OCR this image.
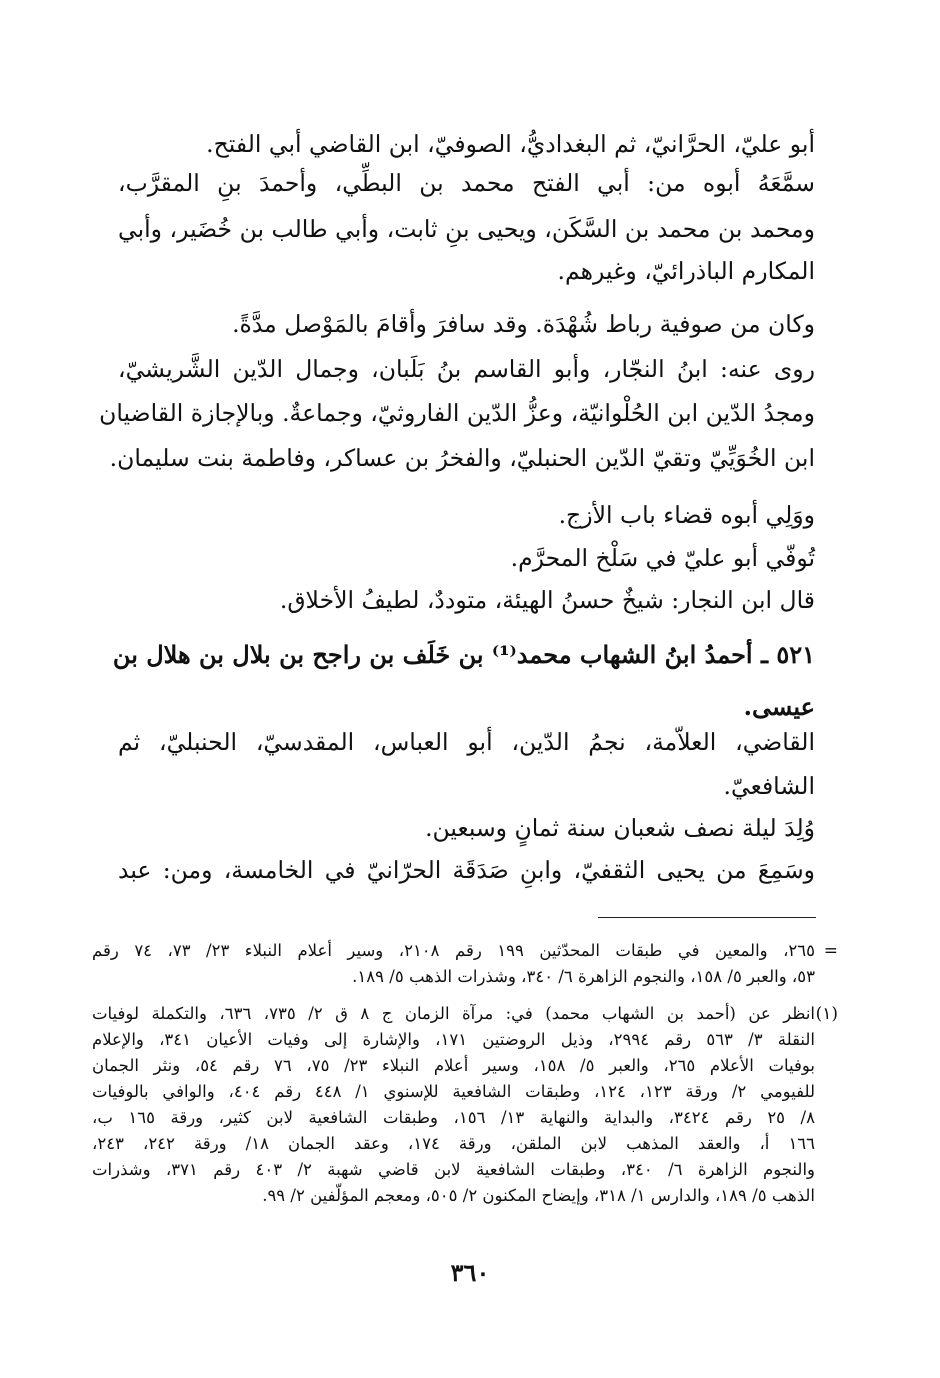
أبو عليّ، الحرَّانيّ، ثم البغداديُّ، الصوفيّ، ابن القاضي أبي الفتح.
سمَّعَهُ أبوه من: أبي الفتح محمد بن البطِّي، وأحمدَ بنِ المقرَّب،
ومحمد بن محمد بن السَّكَن، ويحيى بنِ ثابت، وأبي طالب بن خُضَير، وأبي
المكارم الباذرائيّ، وغيرهم.
وكان من صوفية رباط شُهْدَة. وقد سافرَ وأقامَ بالمَوْصل مدَّةً.
روى عنه: ابنُ النجّار، وأبو القاسم بنُ بَلَبان، وجمال الدّين الشَّريشيّ،
ومجدُ الدّين ابن الحُلْوانيّة، وعزُّ الدّين الفاروثيّ، وجماعةٌ. وبالإجازة القاضيان
ابن الخُوَيِّيّ وتقيّ الدّين الحنبليّ، والفخرُ بن عساكر، وفاطمة بنت سليمان.
ووَلِي أبوه قضاء باب الأزج.
تُوفّي أبو عليّ في سَلْخ المحرَّم.
قال ابن النجار: شيخٌ حسنُ الهيئة، متوددٌ، لطيفُ الأخلاق.
٥٢١ ـ أحمدُ ابنُ الشهاب محمد⁽¹⁾ بن خَلَف بن راجح بن بلال بن هلال بن
عيسى.
القاضي، العلاّمة، نجمُ الدّين، أبو العباس، المقدسيّ، الحنبليّ، ثم
الشافعيّ.
وُلِدَ ليلة نصف شعبان سنة ثمانٍ وسبعين.
وسَمِعَ من يحيى الثقفيّ، وابنِ صَدَقَة الحرّانيّ في الخامسة، ومن: عبد
=
٢٦٥، والمعين في طبقات المحدّثين ١٩٩ رقم ٢١٠٨، وسير أعلام النبلاء ٢٣/ ٧٣، ٧٤ رقم
٥٣، والعبر ٥/ ١٥٨، والنجوم الزاهرة ٦/ ٣٤٠، وشذرات الذهب ٥/ ١٨٩.
(١)
انظر عن (أحمد بن الشهاب محمد) في: مرآة الزمان ج ٨ ق ٢/ ٧٣٥، ٦٣٦، والتكملة لوفيات
النقلة ٣/ ٥٦٣ رقم ٢٩٩٤، وذيل الروضتين ١٧١، والإشارة إلى وفيات الأعيان ٣٤١، والإعلام
بوفيات الأعلام ٢٦٥، والعبر ٥/ ١٥٨، وسير أعلام النبلاء ٢٣/ ٧٥، ٧٦ رقم ٥٤، ونثر الجمان
للفيومي ٢/ ورقة ١٢٣، ١٢٤، وطبقات الشافعية للإسنوي ١/ ٤٤٨ رقم ٤٠٤، والوافي بالوفيات
٨/ ٢٥ رقم ٣٤٢٤، والبداية والنهاية ١٣/ ١٥٦، وطبقات الشافعية لابن كثير، ورقة ١٦٥ ب،
١٦٦ أ، والعقد المذهب لابن الملقن، ورقة ١٧٤، وعقد الجمان ١٨/ ورقة ٢٤٢، ٢٤٣،
والنجوم الزاهرة ٦/ ٣٤٠، وطبقات الشافعية لابن قاضي شهبة ٢/ ٤٠٣ رقم ٣٧١، وشذرات
الذهب ٥/ ١٨٩، والدارس ١/ ٣١٨، وإيضاح المكنون ٢/ ٥٠٥، ومعجم المؤلّفين ٢/ ٩٩.
٣٦٠
